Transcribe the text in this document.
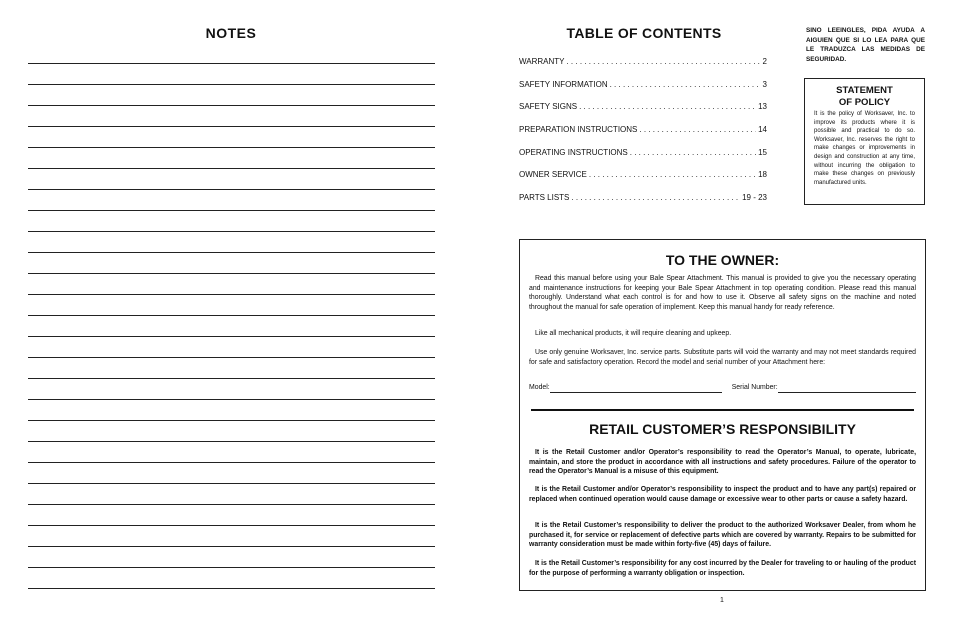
NOTES	TABLE OF CONTENTS
WARRANTY . . .	2
SAFETY INFORMATION . . .	3
SAFETY SIGNS . . .	13
PREPARATION INSTRUCTIONS . . .	14
OPERATING INSTRUCTIONS . . .	15
OWNER SERVICE . . .	18
PARTS LISTS . . .	19 - 23
SINO LEEINGLES, PIDA AYUDA A AIGUIEN QUE SI LO LEA PARA QUE LE TRADUZCA LAS MEDIDAS DE SEGURIDAD.
STATEMENT
OF POLICY
It is the policy of Worksaver, Inc. to improve its products where it is possible and practical to do so. Worksaver, Inc. reserves the right to make changes or improvements in design and construction at any time, without incurring the obligation to make these changes on previously manufactured units.
TO THE OWNER:
Read this manual before using your Bale Spear Attachment. This manual is provided to give you the necessary operating and maintenance instructions for keeping your Bale Spear Attachment in top operating condition. Please read this manual thoroughly. Understand what each control is for and how to use it. Observe all safety signs on the machine and noted throughout the manual for safe operation of implement. Keep this manual handy for ready reference.
Like all mechanical products, it will require cleaning and upkeep.
Use only genuine Worksaver, Inc. service parts. Substitute parts will void the warranty and may not meet standards required for safe and satisfactory operation. Record the model and serial number of your Attachment here:
Model:	Serial Number:
RETAIL CUSTOMER’S RESPONSIBILITY
It is the Retail Customer and/or Operator’s responsibility to read the Operator’s Manual, to operate, lubricate, maintain, and store the product in accordance with all instructions and safety procedures. Failure of the operator to read the Operator’s Manual is a misuse of this equipment.
It is the Retail Customer and/or Operator’s responsibility to inspect the product and to have any part(s) repaired or replaced when continued operation would cause damage or excessive wear to other parts or cause a safety hazard.
It is the Retail Customer’s responsibility to deliver the product to the authorized Worksaver Dealer, from whom he purchased it, for service or replacement of defective parts which are covered by warranty. Repairs to be submitted for warranty consideration must be made within forty-five (45) days of failure.
It is the Retail Customer’s responsibility for any cost incurred by the Dealer for traveling to or hauling of the product for the purpose of performing a warranty obligation or inspection.
1
